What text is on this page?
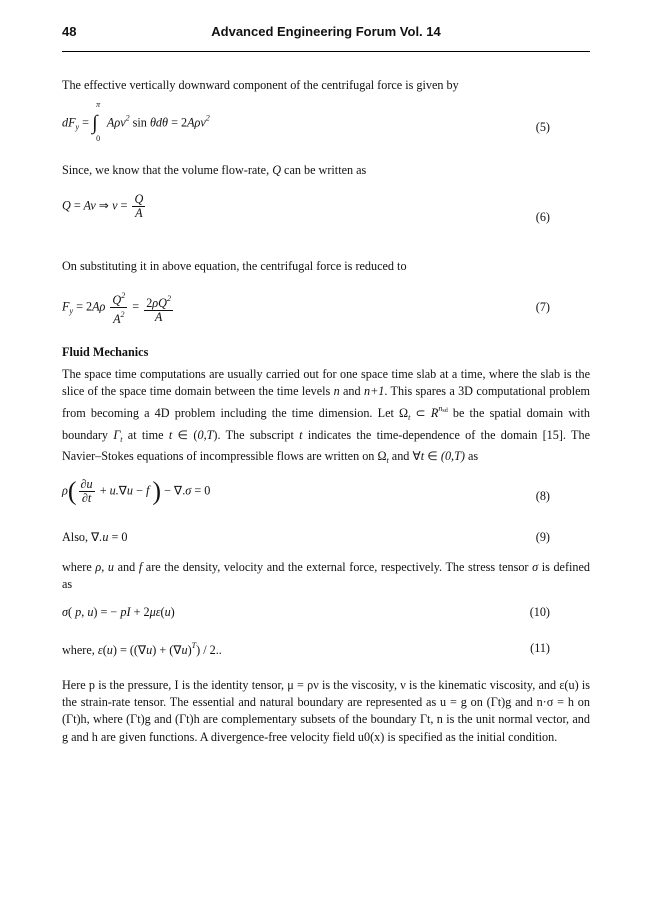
48	Advanced Engineering Forum Vol. 14
The effective vertically downward component of the centrifugal force is given by
$dF_y$ = ∫
π
0
Aρv$^2$ sin θdθ = 2Aρv$^2$
(5)
Since, we know that the volume flow-rate, Q can be written as
Q = Av ⇒ $v = \frac{Q}{A}$	(6)
On substituting it in above equation, the centrifugal force is reduced to
$F_y = 2A\rho \frac{Q^2}{A^2} = \frac{2\rho Q^2}{A}$	(7)
Fluid Mechanics
The space time computations are usually carried out for one space time slab at a time, where the slab is the slice of the space time domain between the time levels n and n+1. This spares a 3D computational problem from becoming a 4D problem including the time dimension. Let $\Omega_t$ ⊂ $R^{nsd}$ be the spatial domain with boundary $\Gamma_t$ at time t ∈ (0,T). The subscript t indicates the time-dependence of the domain [15]. The Navier–Stokes equations of incompressible flows are written on $\Omega_t$ and ∀t ∈ (0,T) as
$\rho( \frac{\partial u}{\partial t} + u.\nabla u - f$ ) − ∇.σ = 0	(8)
Also, ∇.u = 0	(9)
where ρ, u and f are the density, velocity and the external force, respectively. The stress tensor σ is defined as
σ( p, u) = − pI + 2με(u)	(10)
where, $\varepsilon(u) = ((\nabla u) + (\nabla u)^T) / 2$..	(11)
Here p is the pressure, I is the identity tensor, μ = ρν is the viscosity, ν is the kinematic viscosity, and ε(u) is the strain-rate tensor. The essential and natural boundary are represented as u = g on (Γt)g and n·σ = h on (Γt)h, where (Γt)g and (Γt)h are complementary subsets of the boundary Γt, n is the unit normal vector, and g and h are given functions. A divergence-free velocity field u0(x) is specified as the initial condition.
